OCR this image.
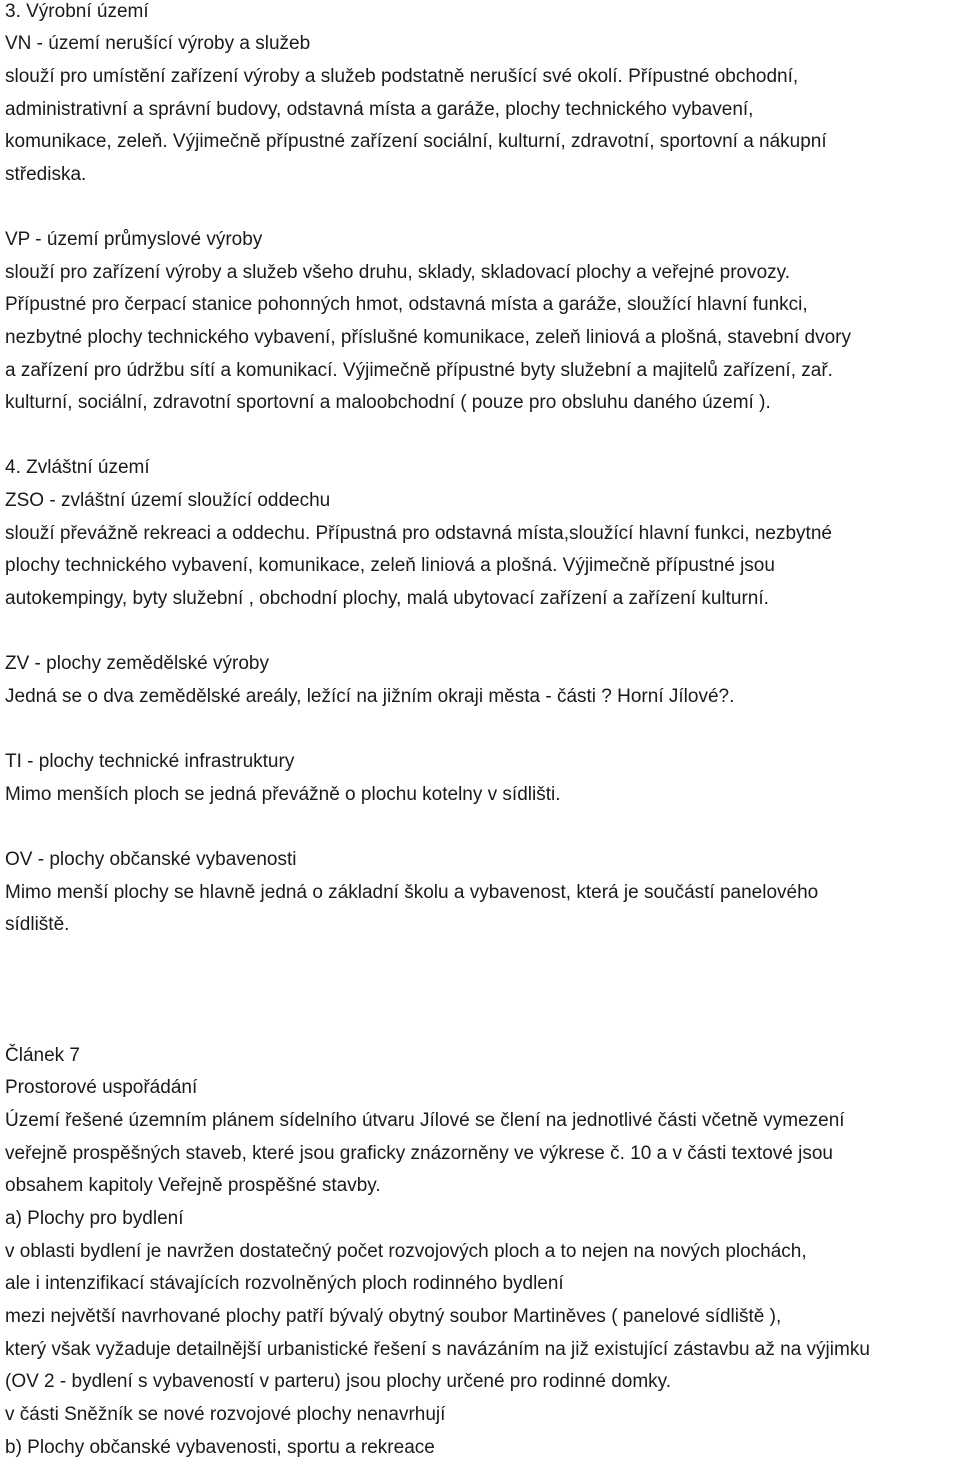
3. Výrobní území
VN - území nerušící výroby a služeb
slouží pro umístění zařízení výroby a služeb podstatně nerušící své okolí. Přípustné obchodní,
administrativní a správní budovy, odstavná místa a garáže, plochy technického vybavení,
komunikace, zeleň. Výjimečně přípustné zařízení sociální, kulturní, zdravotní, sportovní a nákupní
střediska.
VP - území průmyslové výroby
slouží pro zařízení výroby a služeb všeho druhu, sklady, skladovací plochy a veřejné provozy.
Přípustné pro čerpací stanice pohonných hmot, odstavná místa a garáže, sloužící hlavní funkci,
nezbytné plochy technického vybavení, příslušné komunikace, zeleň liniová a plošná, stavební dvory
a zařízení pro údržbu sítí a komunikací. Výjimečně přípustné byty služební a majitelů zařízení, zař.
kulturní, sociální, zdravotní sportovní a maloobchodní ( pouze pro obsluhu daného území ).
4. Zvláštní území
ZSO - zvláštní území sloužící oddechu
slouží převážně rekreaci a oddechu. Přípustná pro odstavná místa,sloužící hlavní funkci, nezbytné
plochy technického vybavení, komunikace, zeleň liniová a plošná. Výjimečně přípustné jsou
autokempingy, byty služební , obchodní plochy, malá ubytovací zařízení a zařízení kulturní.
ZV - plochy zemědělské výroby
Jedná se o dva zemědělské areály, ležící na jižním okraji města - části ? Horní Jílové?.
TI - plochy technické infrastruktury
Mimo menších ploch se jedná převážně o plochu kotelny v sídlišti.
OV - plochy občanské vybavenosti
Mimo menší plochy se hlavně jedná o základní školu a vybavenost, která je součástí panelového
sídliště.
Článek 7
Prostorové uspořádání
Území řešené územním plánem sídelního útvaru Jílové se člení na jednotlivé části včetně vymezení
veřejně prospěšných staveb, které jsou graficky znázorněny ve výkrese č. 10 a v části textové jsou
obsahem kapitoly Veřejně prospěšné stavby.
a) Plochy pro bydlení
v oblasti bydlení je navržen dostatečný počet rozvojových ploch a to nejen na nových plochách,
ale i intenzifikací stávajících rozvolněných ploch rodinného bydlení
mezi největší navrhované plochy patří bývalý obytný soubor Martiněves ( panelové sídliště ),
který však vyžaduje detailnější urbanistické řešení s navázáním na již existující zástavbu až na výjimku
(OV 2 - bydlení s vybaveností v parteru) jsou plochy určené pro rodinné domky.
v části Sněžník se nové rozvojové plochy nenavrhují
b) Plochy občanské vybavenosti, sportu a rekreace
